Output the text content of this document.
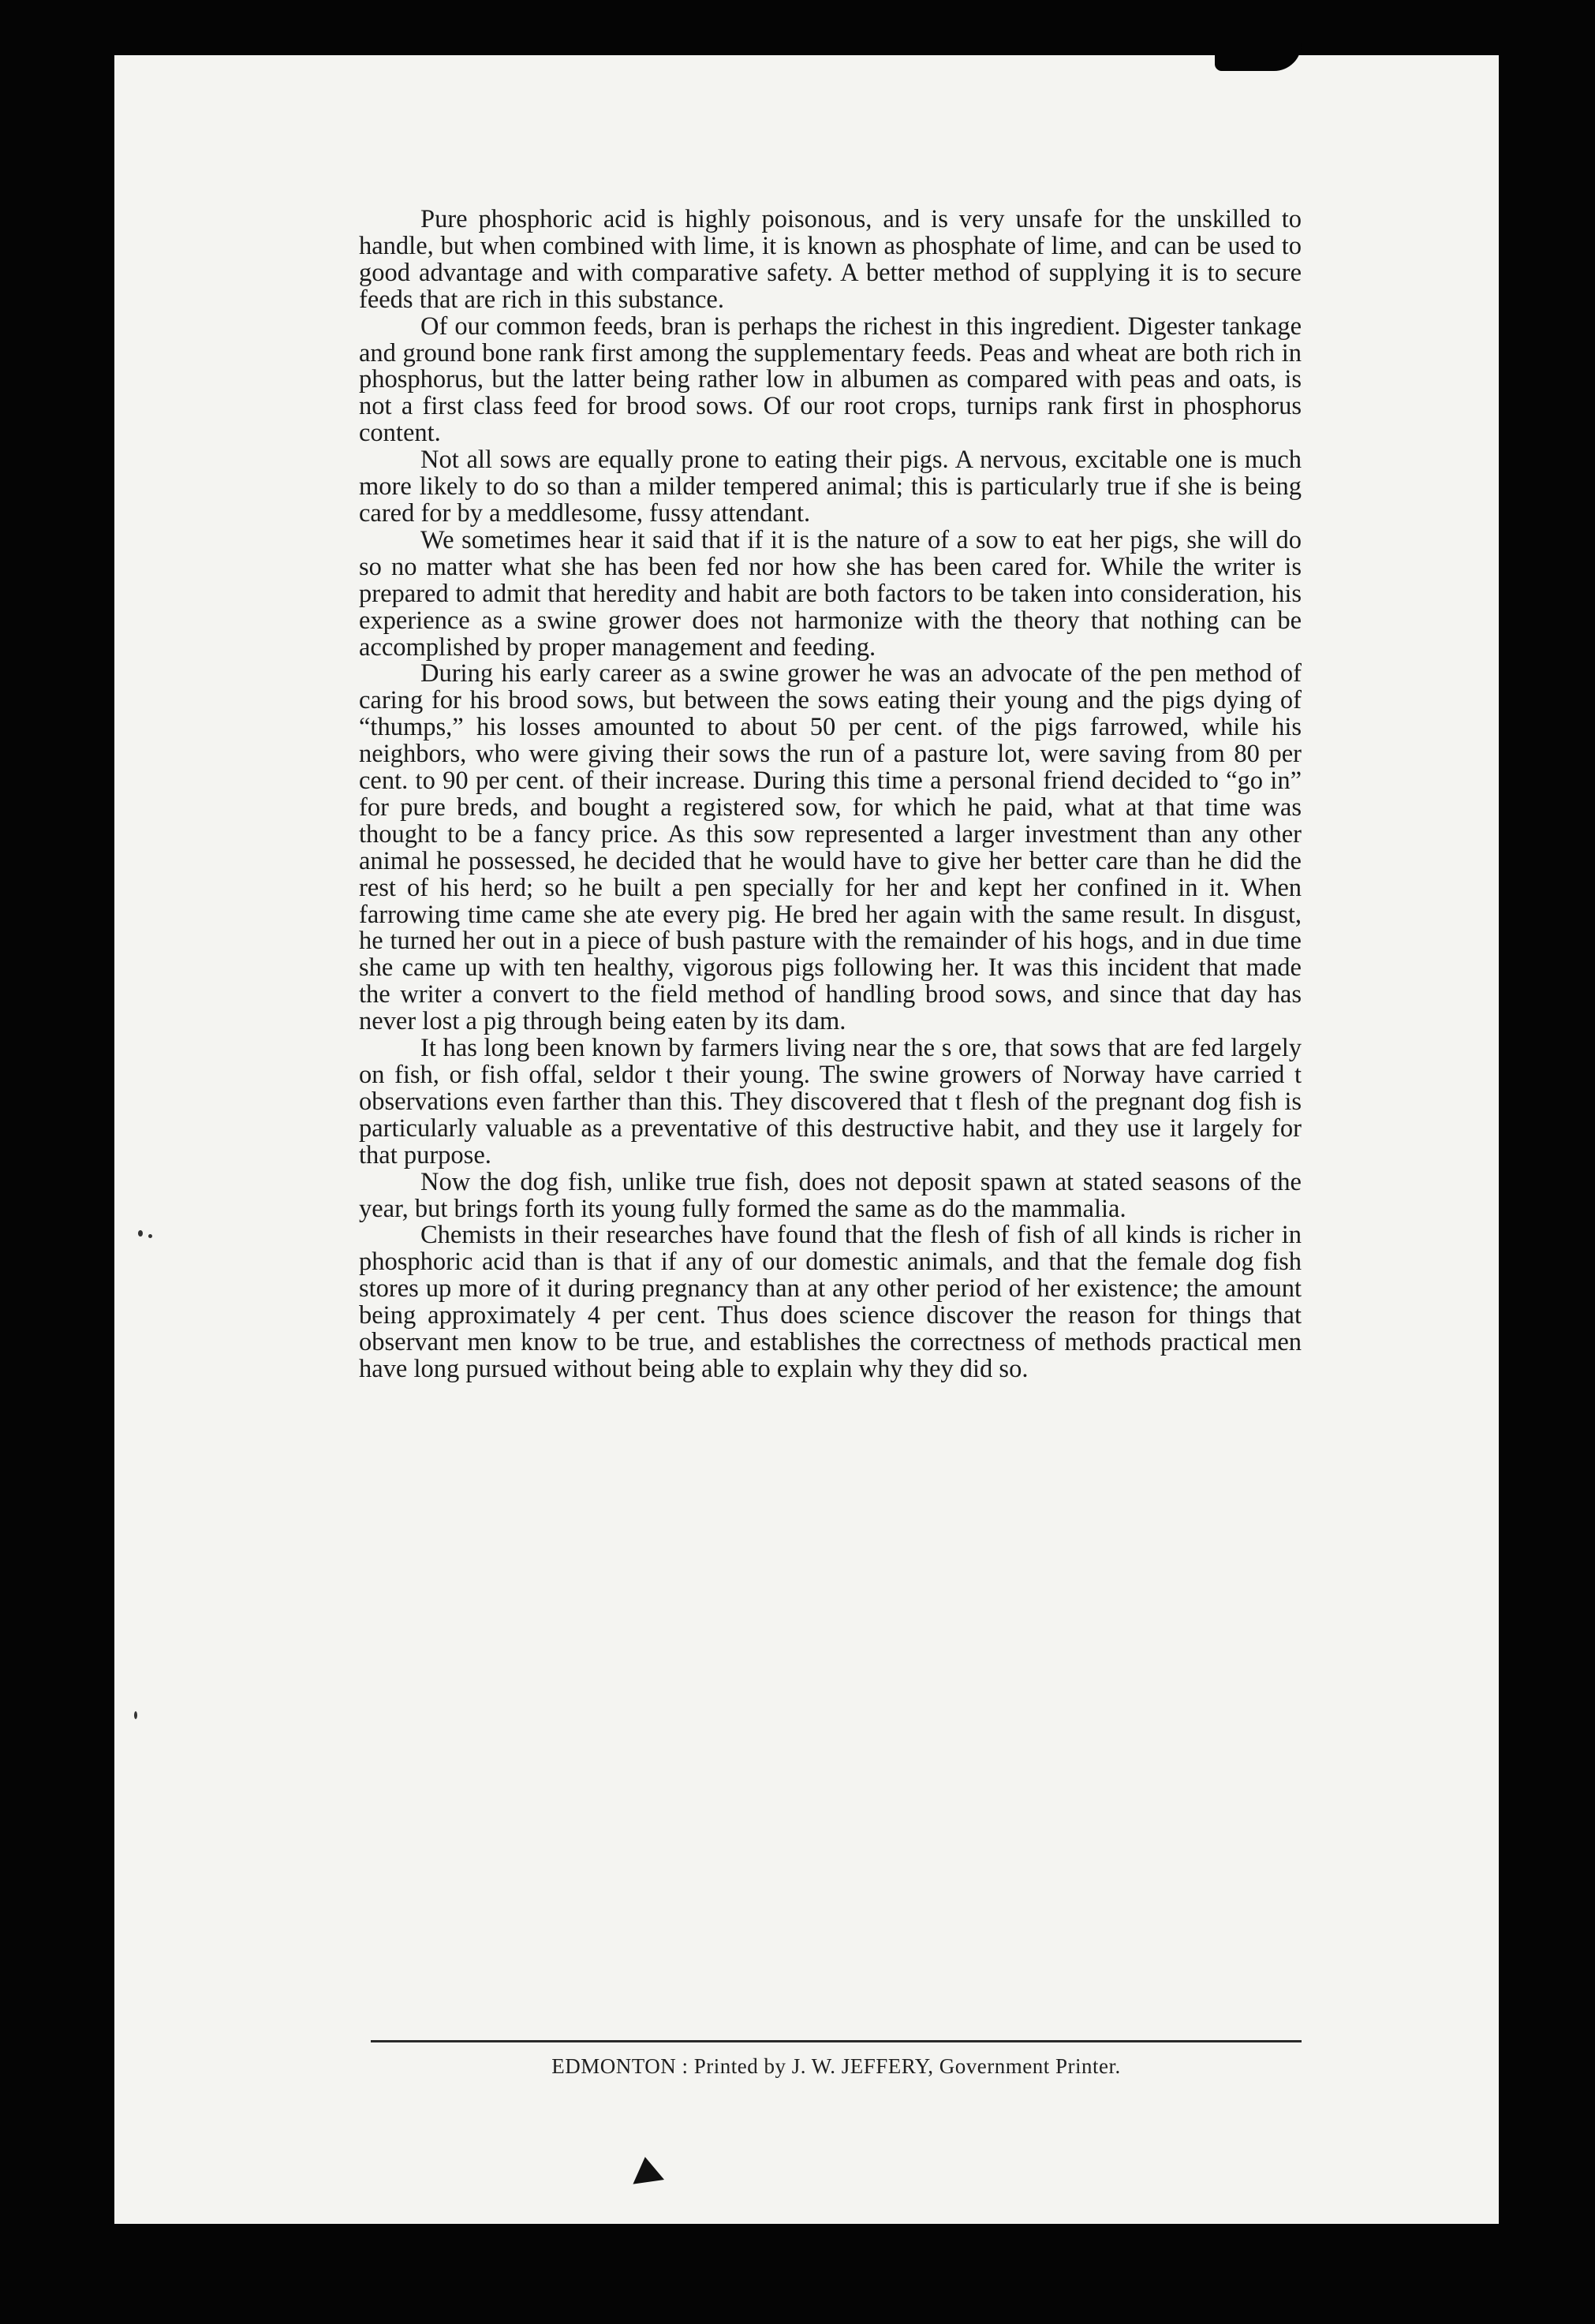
Pure phosphoric acid is highly poisonous, and is very unsafe for the unskilled to handle, but when combined with lime, it is known as phosphate of lime, and can be used to good advantage and with comparative safety. A better method of supplying it is to secure feeds that are rich in this substance.

Of our common feeds, bran is perhaps the richest in this ingredient. Digester tankage and ground bone rank first among the supplementary feeds. Peas and wheat are both rich in phosphorus, but the latter being rather low in albumen as compared with peas and oats, is not a first class feed for brood sows. Of our root crops, turnips rank first in phosphorus content.

Not all sows are equally prone to eating their pigs. A nervous, excitable one is much more likely to do so than a milder tempered animal; this is particularly true if she is being cared for by a meddlesome, fussy attendant.

We sometimes hear it said that if it is the nature of a sow to eat her pigs, she will do so no matter what she has been fed nor how she has been cared for. While the writer is prepared to admit that heredity and habit are both factors to be taken into consideration, his experience as a swine grower does not harmonize with the theory that nothing can be accomplished by proper management and feeding.

During his early career as a swine grower he was an advocate of the pen method of caring for his brood sows, but between the sows eating their young and the pigs dying of “thumps,” his losses amounted to about 50 per cent. of the pigs farrowed, while his neighbors, who were giving their sows the run of a pasture lot, were saving from 80 per cent. to 90 per cent. of their increase. During this time a personal friend decided to “go in” for pure breds, and bought a registered sow, for which he paid, what at that time was thought to be a fancy price. As this sow represented a larger investment than any other animal he possessed, he decided that he would have to give her better care than he did the rest of his herd; so he built a pen specially for her and kept her confined in it. When farrowing time came she ate every pig. He bred her again with the same result. In disgust, he turned her out in a piece of bush pasture with the remainder of his hogs, and in due time she came up with ten healthy, vigorous pigs following her. It was this incident that made the writer a convert to the field method of handling brood sows, and since that day has never lost a pig through being eaten by its dam.

It has long been known by farmers living near the s ore, that sows that are fed largely on fish, or fish offal, seldor t their young. The swine growers of Norway have carried t observations even farther than this. They discovered that t flesh of the pregnant dog fish is particularly valuable as a preventative of this destructive habit, and they use it largely for that purpose.

Now the dog fish, unlike true fish, does not deposit spawn at stated seasons of the year, but brings forth its young fully formed the same as do the mammalia.

Chemists in their researches have found that the flesh of fish of all kinds is richer in phosphoric acid than is that if any of our domestic animals, and that the female dog fish stores up more of it during pregnancy than at any other period of her existence; the amount being approximately 4 per cent. Thus does science discover the reason for things that observant men know to be true, and establishes the correctness of methods practical men have long pursued without being able to explain why they did so.

EDMONTON : Printed by J. W. JEFFERY, Government Printer.
